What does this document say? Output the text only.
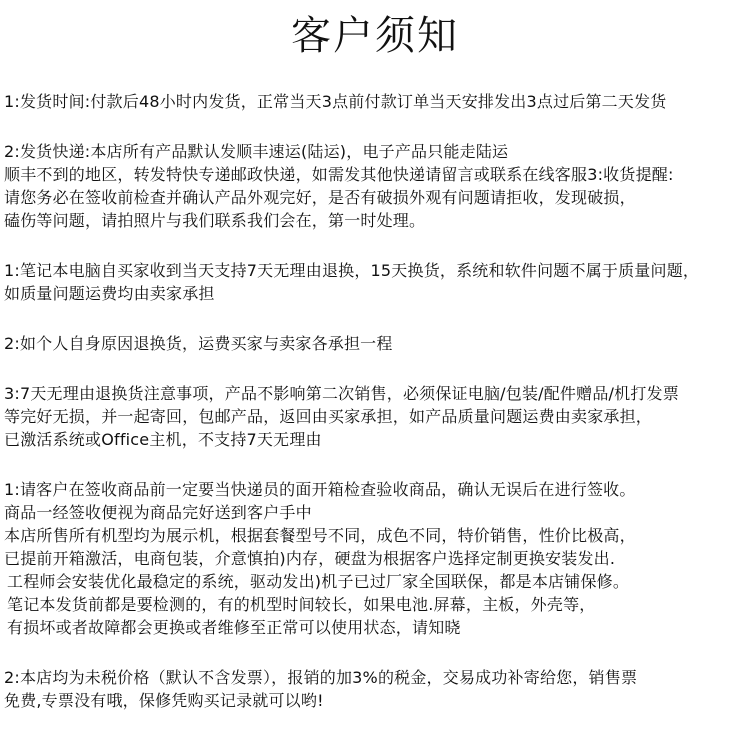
客户须知
1:发货时间:付款后48小时内发货，正常当天3点前付款订单当天安排发出3点过后第二天发货
2:发货快递:本店所有产品默认发顺丰速运(陆运)，电子产品只能走陆运
顺丰不到的地区，转发特快专递邮政快递，如需发其他快递请留言或联系在线客服3:收货提醒:
请您务必在签收前检查并确认产品外观完好，是否有破损外观有问题请拒收，发现破损，
磕伤等问题，请拍照片与我们联系我们会在，第一时处理。
1:笔记本电脑自买家收到当天支持7天无理由退换，15天换货，系统和软件问题不属于质量问题，
如质量问题运费均由卖家承担
2:如个人自身原因退换货，运费买家与卖家各承担一程
3:7天无理由退换货注意事项，产品不影响第二次销售，必须保证电脑/包装/配件赠品/机打发票
等完好无损，并一起寄回，包邮产品，返回由买家承担，如产品质量问题运费由卖家承担，
已激活系统或Office主机，不支持7天无理由
1:请客户在签收商品前一定要当快递员的面开箱检查验收商品，确认无误后在进行签收。
商品一经签收便视为商品完好送到客户手中
本店所售所有机型均为展示机，根据套餐型号不同，成色不同，特价销售，性价比极高，
已提前开箱激活，电商包装，介意慎拍)内存，硬盘为根据客户选择定制更换安装发出.
工程师会安装优化最稳定的系统，驱动发出)机子已过厂家全国联保，都是本店铺保修。
笔记本发货前都是要检测的，有的机型时间较长，如果电池.屏幕，主板，外壳等，
有损坏或者故障都会更换或者维修至正常可以使用状态，请知晓
2:本店均为未税价格（默认不含发票），报销的加3%的税金，交易成功补寄给您，销售票
免费,专票没有哦，保修凭购买记录就可以哟!
